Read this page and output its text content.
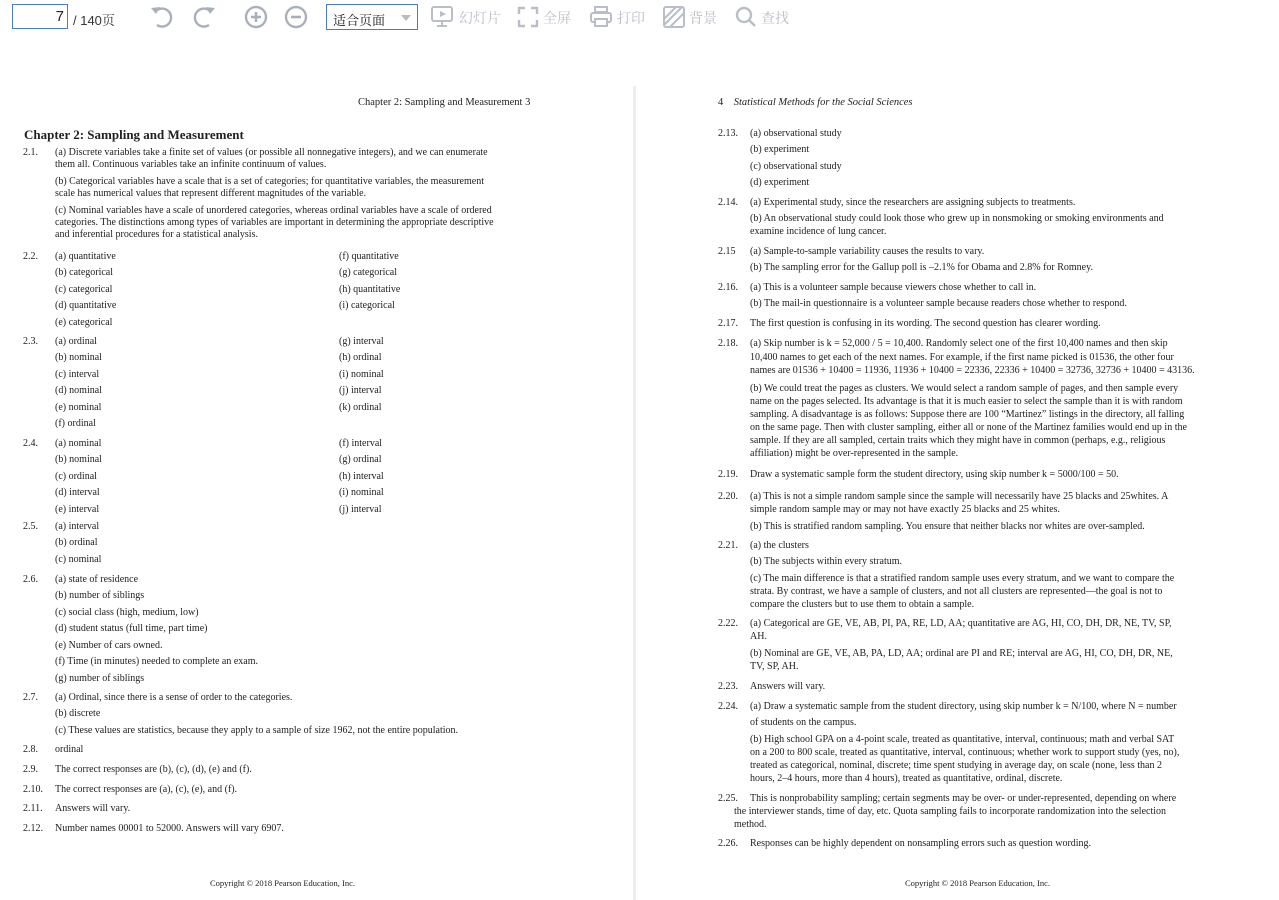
7
/ 140页	适合页面	幻灯片	全屏	打印	背景	查找
Chapter 2: Sampling and Measurement 3
Chapter 2: Sampling and Measurement
2.1. (a) Discrete variables take a finite set of values (or possible all nonnegative integers), and we can enumerate
them all. Continuous variables take an infinite continuum of values.
(b) Categorical variables have a scale that is a set of categories; for quantitative variables, the measurement
scale has numerical values that represent different magnitudes of the variable.
(c) Nominal variables have a scale of unordered categories, whereas ordinal variables have a scale of ordered
categories. The distinctions among types of variables are important in determining the appropriate descriptive
and inferential procedures for a statistical analysis.
2.2. (a) quantitative
(b) categorical
(c) categorical
(d) quantitative
(e) categorical
(f) quantitative
(g) categorical
(h) quantitative
(i) categorical
2.3. (a) ordinal
(b) nominal
(c) interval
(d) nominal
(e) nominal
(f) ordinal
(g) interval
(h) ordinal
(i) nominal
(j) interval
(k) ordinal
2.4. (a) nominal
(b) nominal
(c) ordinal
(d) interval
(e) interval
(f) interval
(g) ordinal
(h) interval
(i) nominal
(j) interval
2.5. (a) interval
(b) ordinal
(c) nominal
2.6. (a) state of residence
(b) number of siblings
(c) social class (high, medium, low)
(d) student status (full time, part time)
(e) Number of cars owned.
(f) Time (in minutes) needed to complete an exam.
(g) number of siblings
2.7. (a) Ordinal, since there is a sense of order to the categories.
(b) discrete
(c) These values are statistics, because they apply to a sample of size 1962, not the entire population.
2.8. ordinal
2.9. The correct responses are (b), (c), (d), (e) and (f).
2.10. The correct responses are (a), (c), (e), and (f).
2.11. Answers will vary.
2.12. Number names 00001 to 52000. Answers will vary 6907.
Copyright © 2018 Pearson Education, Inc.
4 Statistical Methods for the Social Sciences
2.13. (a) observational study
(b) experiment
(c) observational study
(d) experiment
2.14. (a) Experimental study, since the researchers are assigning subjects to treatments.
(b) An observational study could look those who grew up in nonsmoking or smoking environments and
examine incidence of lung cancer.
2.15 (a) Sample-to-sample variability causes the results to vary.
(b) The sampling error for the Gallup poll is –2.1% for Obama and 2.8% for Romney.
2.16. (a) This is a volunteer sample because viewers chose whether to call in.
(b) The mail-in questionnaire is a volunteer sample because readers chose whether to respond.
2.17. The first question is confusing in its wording. The second question has clearer wording.
2.18. (a) Skip number is k = 52,000 / 5 = 10,400. Randomly select one of the first 10,400 names and then skip
10,400 names to get each of the next names. For example, if the first name picked is 01536, the other four
names are 01536 + 10400 = 11936, 11936 + 10400 = 22336, 22336 + 10400 = 32736, 32736 + 10400 = 43136.
(b) We could treat the pages as clusters. We would select a random sample of pages, and then sample every
name on the pages selected. Its advantage is that it is much easier to select the sample than it is with random
sampling. A disadvantage is as follows: Suppose there are 100 “Martinez” listings in the directory, all falling
on the same page. Then with cluster sampling, either all or none of the Martinez families would end up in the
sample. If they are all sampled, certain traits which they might have in common (perhaps, e.g., religious
affiliation) might be over-represented in the sample.
2.19. Draw a systematic sample form the student directory, using skip number k = 5000/100 = 50.
2.20. (a) This is not a simple random sample since the sample will necessarily have 25 blacks and 25whites. A
simple random sample may or may not have exactly 25 blacks and 25 whites.
(b) This is stratified random sampling. You ensure that neither blacks nor whites are over-sampled.
2.21. (a) the clusters
(b) The subjects within every stratum.
(c) The main difference is that a stratified random sample uses every stratum, and we want to compare the
strata. By contrast, we have a sample of clusters, and not all clusters are represented—the goal is not to
compare the clusters but to use them to obtain a sample.
2.22. (a) Categorical are GE, VE, AB, PI, PA, RE, LD, AA; quantitative are AG, HI, CO, DH, DR, NE, TV, SP,
AH.
(b) Nominal are GE, VE, AB, PA, LD, AA; ordinal are PI and RE; interval are AG, HI, CO, DH, DR, NE,
TV, SP, AH.
2.23. Answers will vary.
2.24. (a) Draw a systematic sample from the student directory, using skip number k = N/100, where N = number
of students on the campus.
(b) High school GPA on a 4-point scale, treated as quantitative, interval, continuous; math and verbal SAT
on a 200 to 800 scale, treated as quantitative, interval, continuous; whether work to support study (yes, no),
treated as categorical, nominal, discrete; time spent studying in average day, on scale (none, less than 2
hours, 2–4 hours, more than 4 hours), treated as quantitative, ordinal, discrete.
2.25. This is nonprobability sampling; certain segments may be over- or under-represented, depending on where
the interviewer stands, time of day, etc. Quota sampling fails to incorporate randomization into the selection
method.
2.26. Responses can be highly dependent on nonsampling errors such as question wording.
Copyright © 2018 Pearson Education, Inc.
